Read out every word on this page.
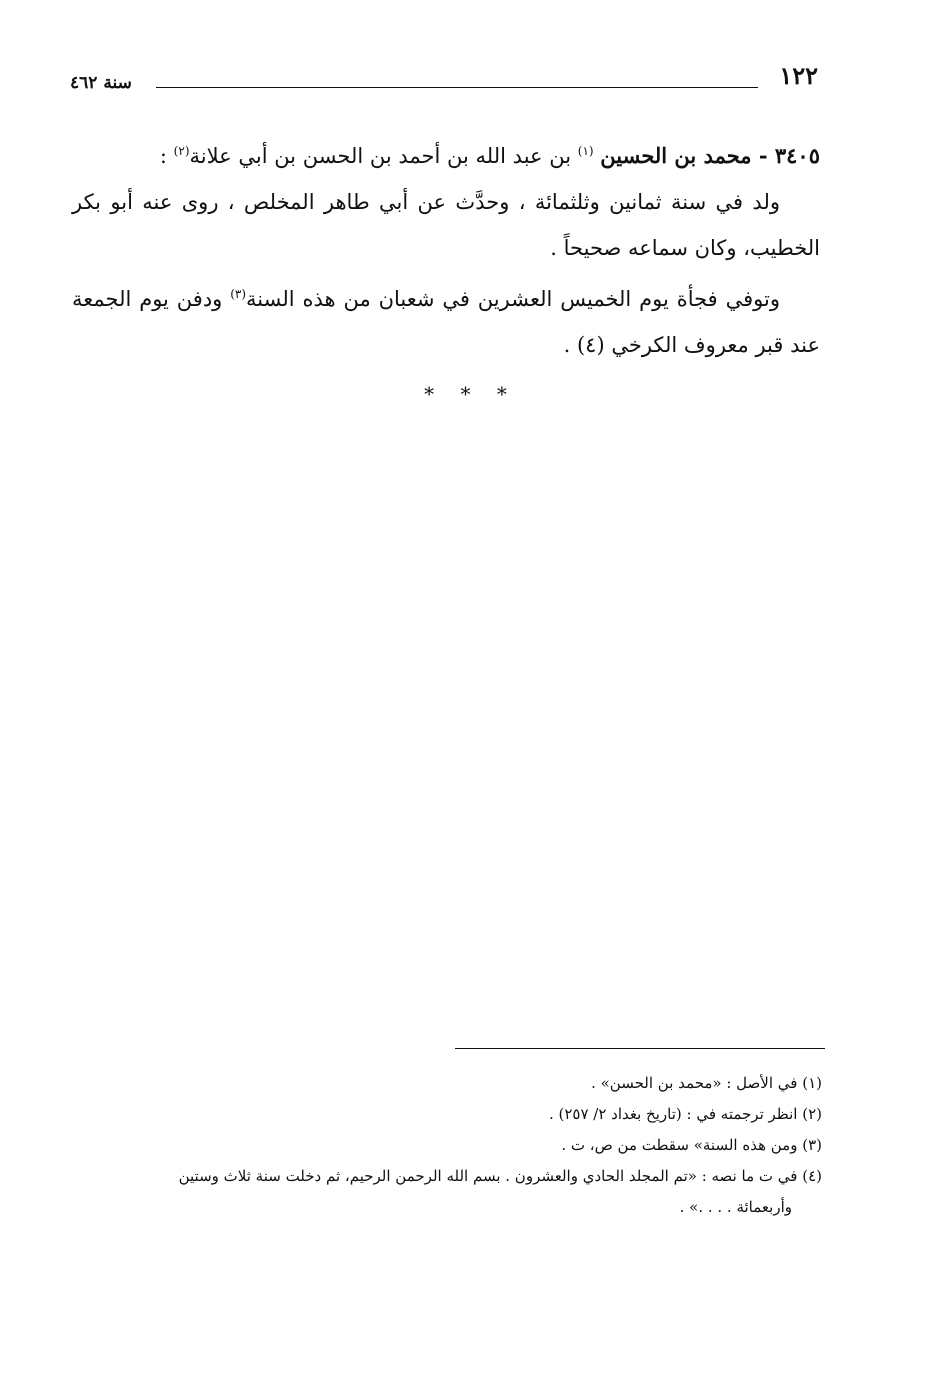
١٢٢
سنة ٤٦٢

٣٤٠٥ - محمد بن الحسين $^{(١)}$ بن عبد الله بن أحمد بن الحسن بن أبي علانة$^{(٢)}$ :

ولد في سنة ثمانين وثلثمائة ، وحدَّث عن أبي طاهر المخلص ، روى عنه أبو بكر الخطيب، وكان سماعه صحيحاً .

وتوفي فجأة يوم الخميس العشرين في شعبان من هذه السنة$^{(٣)}$ ودفن يوم الجمعة عند قبر معروف الكرخي (٤) .

* * *

(١) في الأصل : «محمد بن الحسن» .

(٢) انظر ترجمته في : (تاريخ بغداد ٢/ ٢٥٧) .

(٣) ومن هذه السنة» سقطت من ص، ت .

(٤) في ت ما نصه : «تم المجلد الحادي والعشرون . بسم الله الرحمن الرحيم، ثم دخلت سنة ثلاث وستين

وأربعمائة . . . .» .
